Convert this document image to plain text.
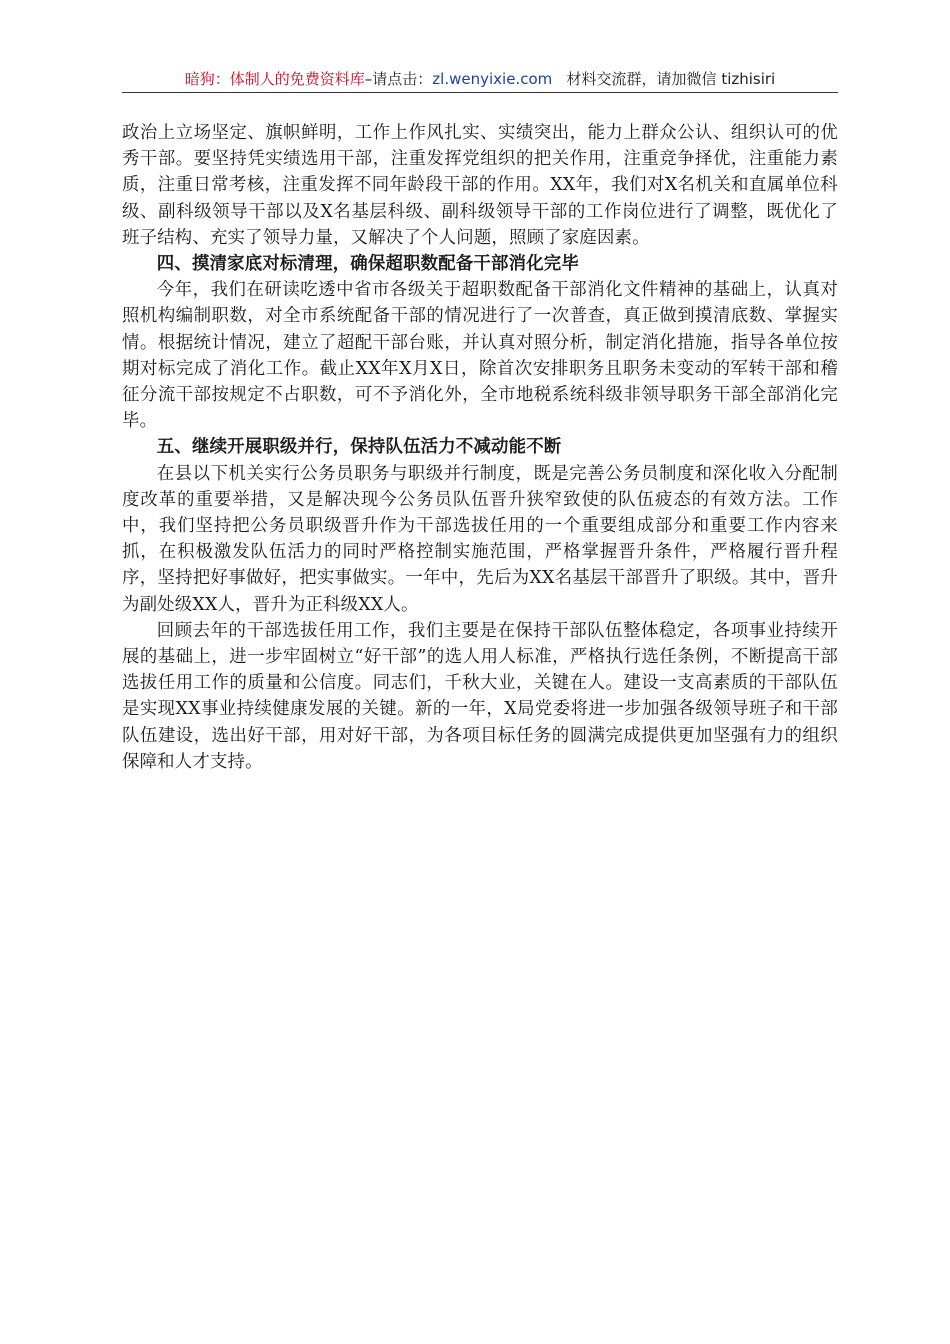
暗狗：体制人的免费资料库–请点击：zl.wenyixie.com 材料交流群，请加微信 tizhisiri

政治上立场坚定、旗帜鲜明，工作上作风扎实、实绩突出，能力上群众公认、组织认可的优秀干部。要坚持凭实绩选用干部，注重发挥党组织的把关作用，注重竞争择优，注重能力素质，注重日常考核，注重发挥不同年龄段干部的作用。XX年，我们对X名机关和直属单位科级、副科级领导干部以及X名基层科级、副科级领导干部的工作岗位进行了调整，既优化了班子结构、充实了领导力量，又解决了个人问题，照顾了家庭因素。

四、摸清家底对标清理，确保超职数配备干部消化完毕

今年，我们在研读吃透中省市各级关于超职数配备干部消化文件精神的基础上，认真对照机构编制职数，对全市系统配备干部的情况进行了一次普查，真正做到摸清底数、掌握实情。根据统计情况，建立了超配干部台账，并认真对照分析，制定消化措施，指导各单位按期对标完成了消化工作。截止XX年X月X日，除首次安排职务且职务未变动的军转干部和稽征分流干部按规定不占职数，可不予消化外，全市地税系统科级非领导职务干部全部消化完毕。

五、继续开展职级并行，保持队伍活力不减动能不断

在县以下机关实行公务员职务与职级并行制度，既是完善公务员制度和深化收入分配制度改革的重要举措，又是解决现今公务员队伍晋升狭窄致使的队伍疲态的有效方法。工作中，我们坚持把公务员职级晋升作为干部选拔任用的一个重要组成部分和重要工作内容来抓，在积极激发队伍活力的同时严格控制实施范围，严格掌握晋升条件，严格履行晋升程序，坚持把好事做好，把实事做实。一年中，先后为XX名基层干部晋升了职级。其中，晋升为副处级XX人，晋升为正科级XX人。

回顾去年的干部选拔任用工作，我们主要是在保持干部队伍整体稳定，各项事业持续开展的基础上，进一步牢固树立“好干部”的选人用人标准，严格执行选任条例，不断提高干部选拔任用工作的质量和公信度。同志们，千秋大业，关键在人。建设一支高素质的干部队伍是实现XX事业持续健康发展的关键。新的一年，X局党委将进一步加强各级领导班子和干部队伍建设，选出好干部，用对好干部，为各项目标任务的圆满完成提供更加坚强有力的组织保障和人才支持。
